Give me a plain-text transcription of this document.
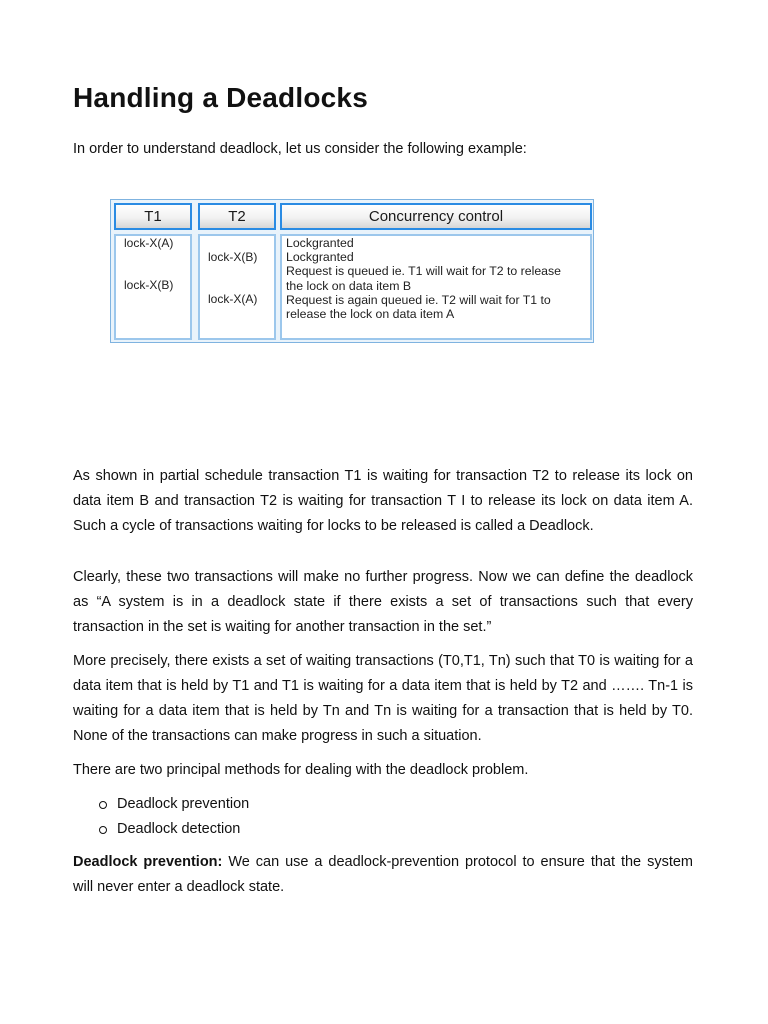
Handling a Deadlocks
In order to understand deadlock, let us consider the following example:
T1	T2	Concurrency control
lock-X(A)
lock-X(B)
lock-X(B)
lock-X(A)
Lockgranted
Lockgranted
Request is queued ie. T1 will wait for T2 to release
the lock on data item B
Request is again queued ie. T2 will wait for T1 to
release the lock on data item A

As shown in partial schedule transaction T1 is waiting for transaction T2 to release its lock on data item B and transaction T2 is waiting for transaction T I to release its lock on data item A. Such a cycle of transactions waiting for locks to be released is called a Deadlock.

Clearly, these two transactions will make no further progress. Now we can define the deadlock as “A system is in a deadlock state if there exists a set of transactions such that every transaction in the set is waiting for another transaction in the set.”

More precisely, there exists a set of waiting transactions (T0,T1, Tn) such that T0 is waiting for a data item that is held by T1 and T1 is waiting for a data item that is held by T2 and ……. Tn-1 is waiting for a data item that is held by Tn and Tn is waiting for a transaction that is held by T0. None of the transactions can make progress in such a situation.

There are two principal methods for dealing with the deadlock problem.

Deadlock prevention
Deadlock detection

Deadlock prevention: We can use a deadlock-prevention protocol to ensure that the system will never enter a deadlock state.
